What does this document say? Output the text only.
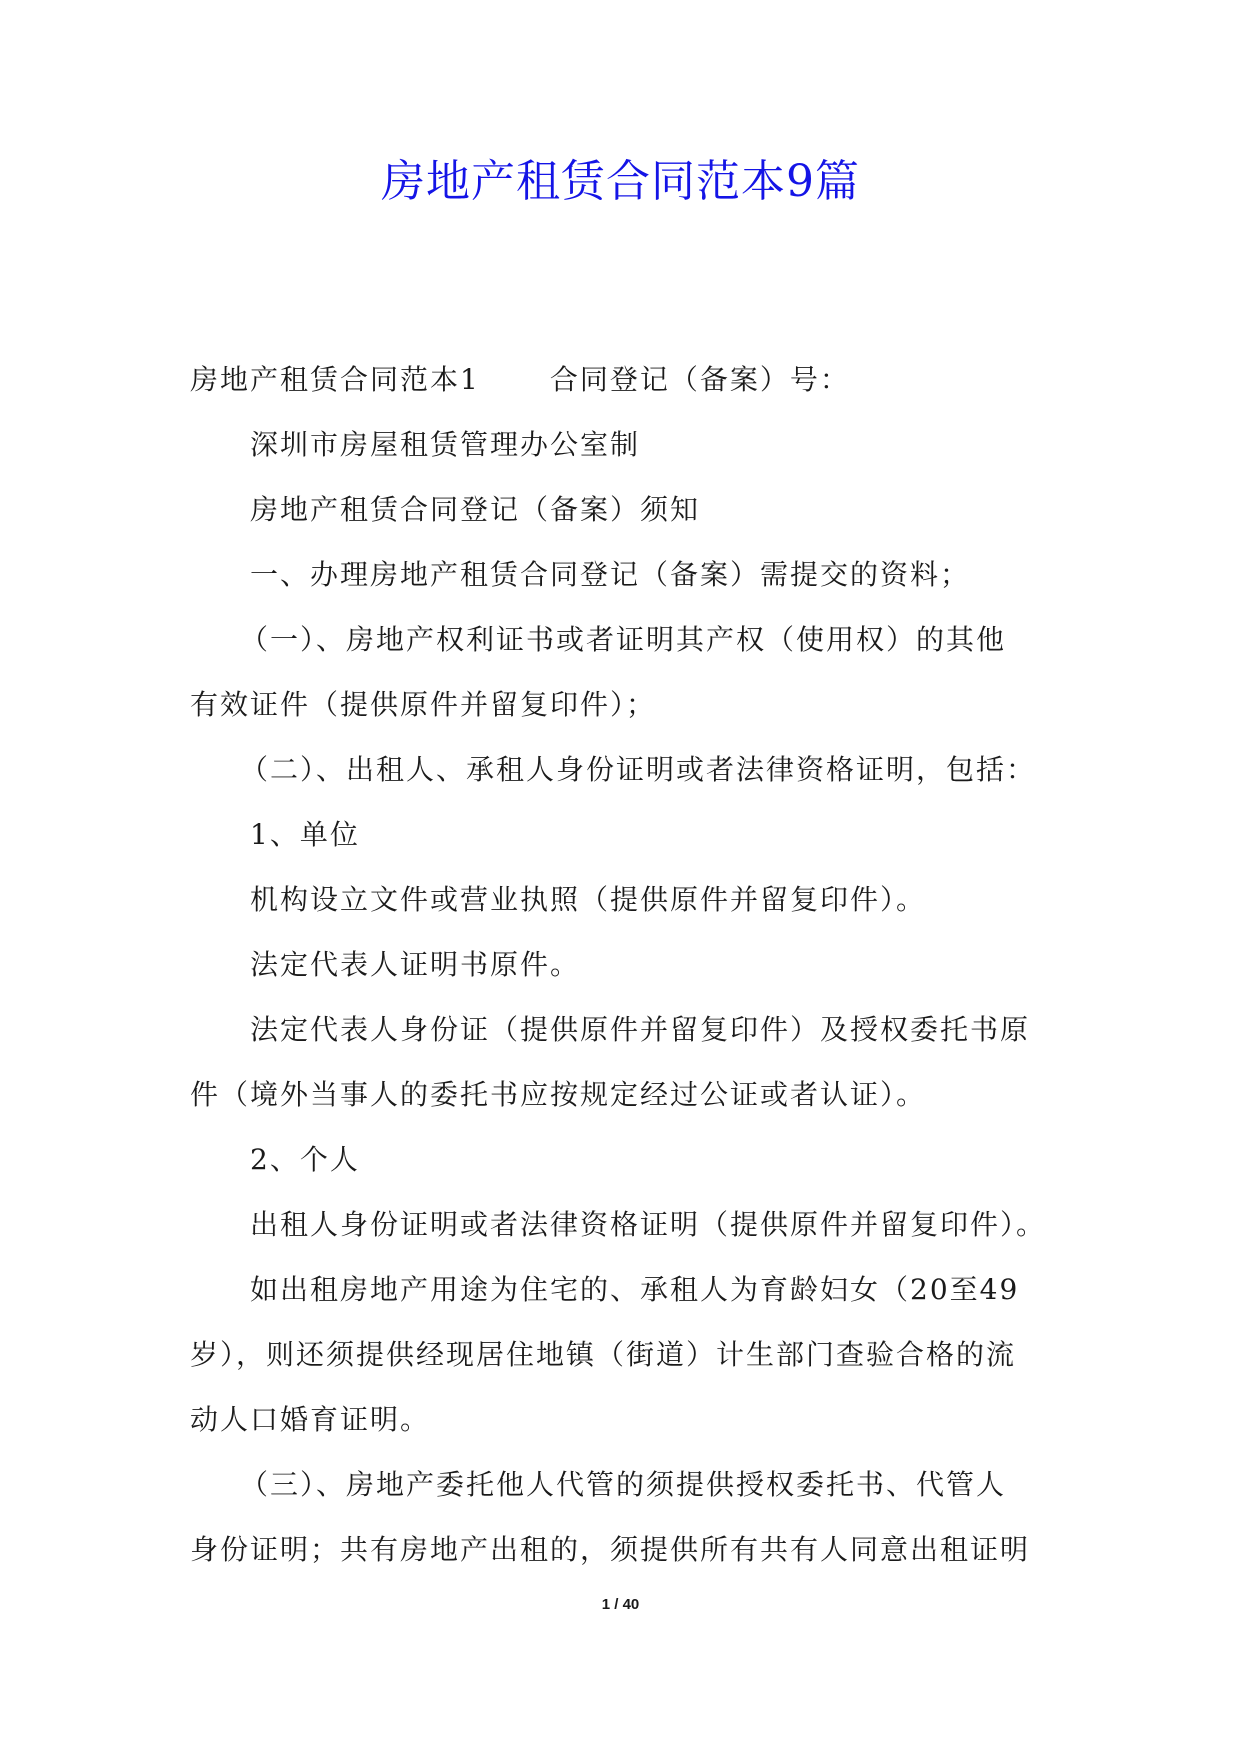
房地产租赁合同范本9篇
房地产租赁合同范本1	合同登记（备案）号：
深圳市房屋租赁管理办公室制
房地产租赁合同登记（备案）须知
一、办理房地产租赁合同登记（备案）需提交的资料；
（一）、房地产权利证书或者证明其产权（使用权）的其他
有效证件（提供原件并留复印件）；
（二）、出租人、承租人身份证明或者法律资格证明，包括：
1、单位
机构设立文件或营业执照（提供原件并留复印件）。
法定代表人证明书原件。
法定代表人身份证（提供原件并留复印件）及授权委托书原
件（境外当事人的委托书应按规定经过公证或者认证）。
2、个人
出租人身份证明或者法律资格证明（提供原件并留复印件）。
如出租房地产用途为住宅的、承租人为育龄妇女（20至49
岁），则还须提供经现居住地镇（街道）计生部门查验合格的流
动人口婚育证明。
（三）、房地产委托他人代管的须提供授权委托书、代管人
身份证明；共有房地产出租的，须提供所有共有人同意出租证明
1 / 40
